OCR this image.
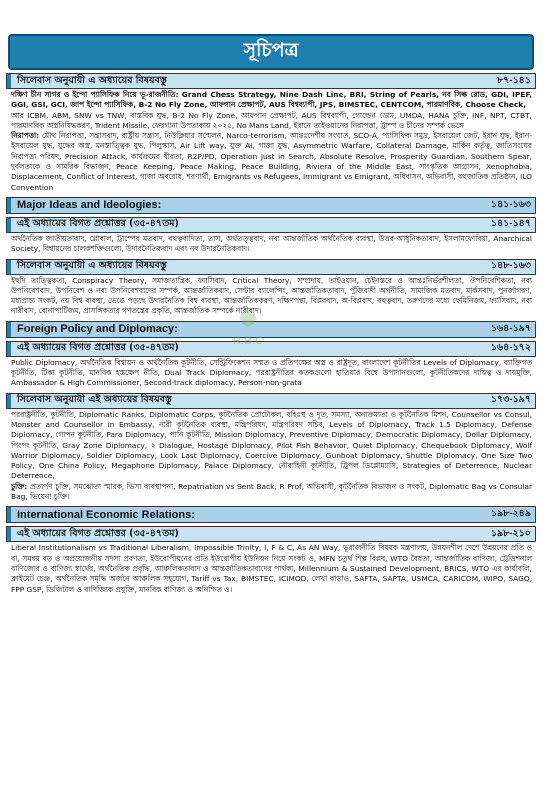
সূচিপত্র
সিলেবাস অনুযায়ী এ অধ্যায়ের বিষয়বস্তু	৮৭-১৪১

দক্ষিণ চীন সাগর ও ইন্দো প্যাসিফিক নিয়ে ভূ-রাজনীতি: Grand Chess Strategy, Nine Dash Line, BRI, String of Pearls, নব সিল্ক রোড, GDI, IPEF, GGI, GSI, GCI, জাপ ইন্দো প্যাসিফিক, B-2 No Fly Zone, আফগান প্রেক্ষাপট, AUS বিশ্বব্যাপী, JPS, BIMSTEC, CENTCOM, পারমাণবিক, Choose Check,

আর ICBM, ABM, SNW vs TNW, বাস্তবিক যুদ্ধ, B-2 No Fly Zone, আফগান প্রেক্ষাপট, AUS বিশ্বব্যাপী, গোল্ডেন ডোম, UMDA, HANA চুক্তি, INF, NPT, CTBT, পারমাণবিক অস্ত্রনিষিদ্ধকরণ, Trident Missile, ফেরগানা উপত্যকায় ২০২৫, No Mans Land, ইরানে তাইওয়ানের নিরাপত্তা, ট্রাম্প ও চীনের সম্পর্ক ভেঙ্গে

নিরাপত্তা: মৌথ নিরাপত্তা, সন্ত্রাসবাদ, রাষ্ট্রীয় সন্ত্রাস, নিউক্লিয়ার সম্মেলন, Narco-terrorism, আন্তঃদেশীয় সংঘাত, SCO-A, প্যাসিফিক সমুদ্র, ইসরায়েল জেট, ইরান যুদ্ধ, ইরান-ইসরায়েল যুদ্ধ, যুদ্ধের অস্ত্র, মনস্তাত্ত্বিক যুদ্ধ, পিলুস্কাস, Air Lift way, যুক্ত AI, গাজা যুদ্ধ, Asymmetric Warfare, Collateral Damage, মার্কিন কর্তৃত্ব, জাতিসংঘের নিরাপত্তা পরিষদ, Precision Attack, কার্যক্রমের ধীরতা, R2P/PD, Operation Just in Search, Absolute Resolve, Prosperity Guardian, Southern Spear, দুর্বলতাকে ও সামরিক বিভাজন, Peace Keeping, Peace Making, Peace Building, Riviera of the Middle East, সাংস্কৃতিক আগ্রাসন, Xenophobia, Displacement, Conflict of Interest, গাজা অবরোধ, শরণার্থী, Emigrants vs Refugees, Immigrant vs Emigrant, অধিবাসন, অভিবাসী, বহুজাতিক প্রতিষ্ঠান, ILO Convention

Major Ideas and Ideologies:	১৪১-১৬৩
এই অধ্যায়ের বিগত প্রশ্নোত্তর (৩৫-৪৭তম)	১৪১-১৪৭

অর্থনৈতিক জাতীয়তাবাদ, গ্লোবাল, ট্রাম্পের মতবাদ, বহুত্ববাদিতা, তাস, অর্থতত্ত্ববাদ, নব্য আন্তর্জাতিক অর্থনৈতিক ব্যবস্থা, উত্তর-আধুনিকতাবাদ, ইসলামফোবিয়া, Anarchical Society, বিশ্বায়নের চালকশক্তিগুলো, উদারনৈতিকবাদ এবং নব উদারনৈতিকবাদ।

সিলেবাস অনুযায়ী এ অধ্যায়ের বিষয়বস্তু	১৪৮-১৬৩

ইহুদি তাত্ত্বিকতা, Conspiracy Theory, সমাজতান্ত্রিক, ফ্যাসিবাদ, Critical Theory, সম্প্রদায়, তাইওয়ান, চেইনস্তরে ও আন্তঃনির্ভরশীলতা, ঔপনিবেশিকতা, নব্য উপনিবেশবাদ, উপনিবেশ ও নব্য উপনিবেশবাদের সম্পর্ক, আন্তর্জাতিকবাদ, সেন্টার ব্যালেন্সিং, আন্তর্জাতিকতাবাদ, পুঁজিবাদী অর্থনীতি, সামাজিক মতবাদ, মার্কসবাদ, পুনর্জাগরণ, মধ্যপ্রাচ্য সংকট, নয় বিশ্ব ব্যবস্থা, ভেঙে পড়ছে উদারনৈতিক বিশ্ব ব্যবস্থা, আন্তর্জাতিককরণ, দক্ষিণপন্থা, বিপ্লববাদ, অ-বিপ্লবাদ, বহুত্ববাদ, তরুণদের মধ্যে ফেমিনিজম, ফ্যাসিবাদ, নব্য নারীবাদ, বোনাপার্টিজম, প্রাসঙ্গিকতার গণতন্ত্রের প্রকৃতি, আন্তর্জাতিক সম্পর্কে নারীবাদ।

Foreign Policy and Diplomacy:	১৬৪-১৯৭
এই অধ্যায়ের বিগত প্রশ্নোত্তর (৩৫-৪৭তম)	১৬৪-১৭২

Public Diplomacy, অর্থনৈতিক বিশ্বায়ন ও অর্থনৈতিক কূটনীতি, সেন্ট্রিফিকেশন সম্মত ও প্রতিপক্ষের অস্ত্র ও রাষ্ট্রদূত, বাংলাদেশ কূটনীতির Levels of Diplomacy, ব্যাক্তিগত কূটনীতি, টিকা কূটনীতি, মানবিক হস্তক্ষেপ নীতি, Dual Track Diplomacy, পররাষ্ট্রনীতির কতকগুলো হাতিয়ার বিশ্বে উপাদানগুলো, কূটনীতিকদের দায়িত্ব ও দায়মুক্তি, Ambassador & High Commissioner, Second-track diplomacy, Person-non-grata

সিলেবাস অনুযায়ী এই অধ্যায়ের বিষয়বস্তু	১৭৩-১৯৭

পররাষ্ট্রনীতি, কূটনীতি, Diplomatic Ranks, Diplomatic Corps, কূটনৈতিক প্রোটোকল, বহিঃস্থ ও দূত, সমস্যা, অনাক্রম্যতা ও কূটনৈতিক মিশন, Counsellor vs Consul, Monster and Counsellor in Embassy, নারী কূটনৈতিক ব্যবস্থা, মন্ত্রিপরিষদ, মন্ত্রিপরিষদ সচিব, Levels of Diplomacy, Track 1.5 Diplomacy, Defense Diplomacy, গোপন কূটনীতি, Para Diplomacy, পানি কূটনীতি, Mission Diplomacy, Preventive Diplomacy, Democratic Diplomacy, Dollar Diplomacy, পিংপং কূটনীতি, Gray Zone Diplomacy, ২ Dialogue, Hostage Diplomacy, Pilot Fish Behavior, Quiet Diplomacy, Chequebook Diplomacy, Wolf Warrior Diplomacy, Soldier Diplomacy, Look Last Diplomacy, Coercive Diplomacy, Gunboat Diplomacy, Shuttle Diplomacy, One Size Two Policy, One China Policy, Megaphone Diplomacy, Palace Diplomacy, নৌবাহিনী কূটনীতি, ট্রিপল ডিপ্লোম্যাসি, Strategies of Deterrence, Nuclear Deterrence,

চুক্তি: প্রত্যর্পণ চুক্তি, সমঝোতা স্মারক, ভিসা ব্যবস্থাপনা, Repatriation vs Sent Back, R Prof, অভিবাসী, কূটনৈতিক বিভাজন ও সংকট, Diplomatic Bag vs Consular Bag, ভিয়েনা চুক্তি।

International Economic Relations:	১৯৮-২৪৯
এই অধ্যায়ের বিগত প্রশ্নোত্তর (৩৫-৪৭তম)	১৯৮-২১০

Liberal Institutionalism vs Traditional Liberalism, Impossible Trinity, I, F & C, As AN Way, ভূরাজনীতি বিষয়ক মন্ত্রণালয়, উন্নয়নশীল দেশে উন্নয়নের প্রতি ও বা, সমন্বয় বড় ও অপ্রয়োজনীয় সদস্য প্রবণতা, ইউরোপীয়নের প্রতি ইউরোপীয় ইউনিয়ন নিয়ে সংকট ও, MFN চতুর্থ শিল্প বিপ্লব, WTO বৈধতা, আন্তর্জাতিক বাণিজ্য, ট্রেডিশনাল বাণিজ্যের ও বাণিজ্য স্বার্থের, অর্থনৈতিক প্রবৃদ্ধি, আঞ্চলিকতাবাদ ও আন্তর্জাতিকতাবাদের পার্থক্য, Millennium & Sustained Development, BRICS, WTO এর কার্যাবলি, ক্লাইমেট চেঞ্জ, অর্থনৈতিক সমৃদ্ধি অর্জনে আঞ্চলিক সহযোগ, Tariff vs Tax, BIMSTEC, ICIMOD, লেখা বাড়াও, SAFTA, SAPTA, USMCA, CARICOM, WIPO, SAGQ, FPP GSP, ডিজিটাল ও বাণিজ্যিক প্রযুক্তি, মানবিক বাণিজ্য ও অনিশ্চিত ও।

R.B.C
